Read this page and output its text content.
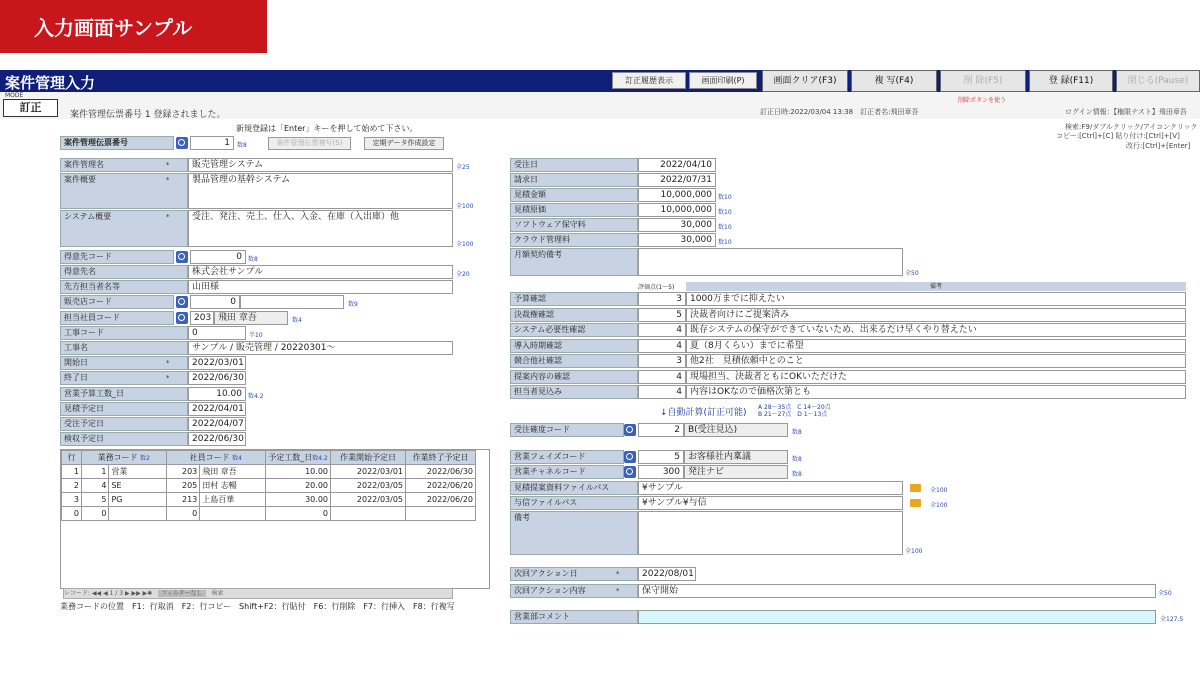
入力画面サンプル
案件管理入力	訂正履歴表示	画面印刷(P)	画面クリア(F3)	複 写(F4)	削 除(F5)	登 録(F11)	閉じる(Pause)
MODE
訂正
案件管理伝票番号 1 登録されました。
削除ボタンを使う
訂正日時:2022/03/04 13:38　訂正者名:飛田章吾	ログイン情報：【権限テスト】飛田章吾
新規登録は「Enter」キーを押して始めて下さい。	検索:F9/ダブルクリック/アイコンクリック
コピー:[Ctrl]+[C] 貼り付け:[Ctrl]+[V]
改行:[Ctrl]+[Enter]
案件管理伝票番号	1	数8	案件管理伝票複写(S)	定期データ作成設定
案件管理名	*	販売管理システム	全25
案件概要	*	製品管理の基幹システム
全100
システム概要	*	受注、発注、売上、仕入、入金、在庫（入出庫）他
全100
得意先コード	0	数8
得意先名	株式会社サンプル	全20
先方担当者名等	山田様
販売店コード	0	数9
担当社員コード	203 飛田 章吾	数4
工事コード	0	半10
工事名	サンプル / 販売管理 / 20220301〜
開始日	*	2022/03/01
終了日	*	2022/06/30
営業予算工数_日	10.00	数4.2
見積予定日	2022/04/01
受注予定日	2022/04/07
検収予定日	2022/06/30
行	業務コード 数2		社員コード 数4		予定工数_日数4.2	作業開始予定日	作業終了予定日
1	1	営業	203	飛田 章吾	10.00	2022/03/01	2022/06/30
2	4	SE	205	田村 志暢	20.00	2022/03/05	2022/06/20
3	5	PG	213	上島百華	30.00	2022/03/05	2022/06/20
0	0		0		0		
レコード: ◀◀ ◀ 1 / 3 ▶ ▶▶ ▶✱　 フィルターなし　 検索
業務コードの位置　F1：行取消　F2：行コピー　Shift+F2：行貼付　F6：行削除　F7：行挿入　F8：行複写
受注日	2022/04/10
請求日	2022/07/31
見積金額	10,000,000	数10
見積原価	10,000,000	数10
ソフトウェア保守料	30,000	数10
クラウド管理料	30,000	数10
月額契約備考
全50
評価点(1〜5)	備考
予算確認	3 1000万までに抑えたい
決裁権確認	5 決裁者向けにご提案済み
システム必要性確認	4 既存システムの保守ができていないため、出来るだけ早くやり替えたい
導入時期確認	4 夏（8月くらい）までに希望
競合他社確認	3 他2社　見積依頼中とのこと
提案内容の確認	4 現場担当、決裁者ともにOKいただけた
担当者見込み	4 内容はOKなので価格次第とも
↓自動計算(訂正可能)
A 28〜35点　C 14〜20点
B 21〜27点　D 1〜13点
受注確度コード	2 B(受注見込)	数8
営業フェイズコード	5 お客様社内稟議	数8
営業チャネルコード	300 発注ナビ	数8
見積提案資料ファイルパス	¥サンプル	全100
与信ファイルパス	¥サンプル¥与信	全100
備考
全100
次回アクション日	*	2022/08/01
次回アクション内容	*	保守開始	全50
営業部コメント	全127.5
